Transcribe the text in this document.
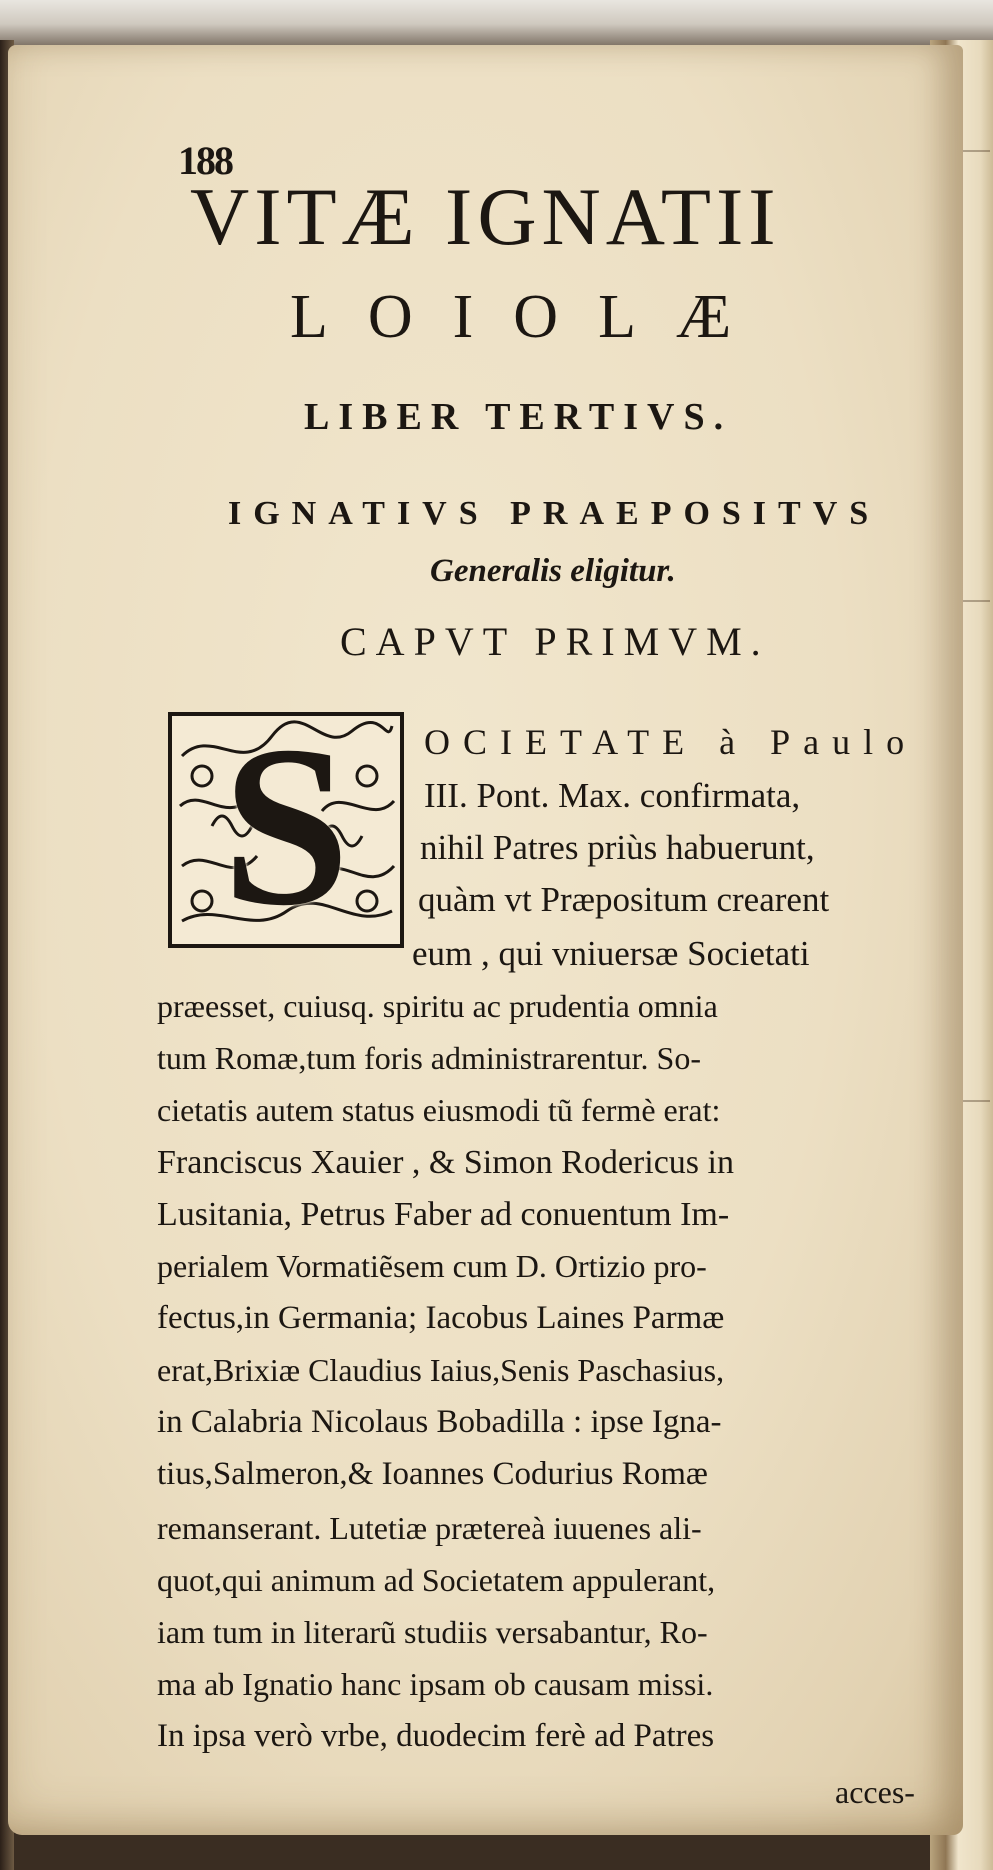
188
VITÆ IGNATII
LOIOLÆ
LIBER TERTIVS.
IGNATIVS PRAEPOSITVS
Generalis eligitur.
CAPVT PRIMVM.
S	OCIETATE à Paulo
III. Pont. Max. confirmata,
nihil Patres priùs habuerunt,
quàm vt Præpositum crearent
eum , qui vniuersæ Societati
præesset, cuiusq. spiritu ac prudentia omnia
tum Romæ,tum foris administrarentur. So-
cietatis autem status eiusmodi tũ fermè erat:
Franciscus Xauier , & Simon Rodericus in
Lusitania, Petrus Faber ad conuentum Im-
perialem Vormatiẽsem cum D. Ortizio pro-
fectus,in Germania; Iacobus Laines Parmæ
erat,Brixiæ Claudius Iaius,Senis Paschasius,
in Calabria Nicolaus Bobadilla : ipse Igna-
tius,Salmeron,& Ioannes Codurius Romæ
remanserant. Lutetiæ prætereà iuuenes ali-
quot,qui animum ad Societatem appulerant,
iam tum in literarũ studiis versabantur, Ro-
ma ab Ignatio hanc ipsam ob causam missi.
In ipsa verò vrbe, duodecim ferè ad Patres
acces-
